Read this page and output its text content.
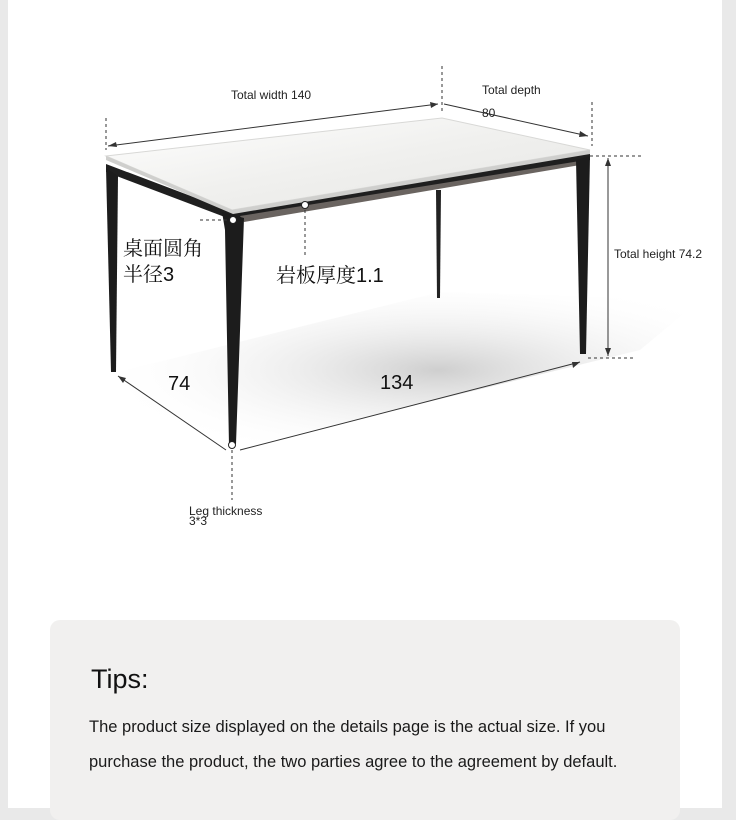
Total width 140	Total depth
80
Total height 74.2
桌面圆角
半径3	岩板厚度1.1
74	134
Leg thickness
3*3
Tips:
The product size displayed on the details page is the actual size. If you
purchase the product, the two parties agree to the agreement by default.
